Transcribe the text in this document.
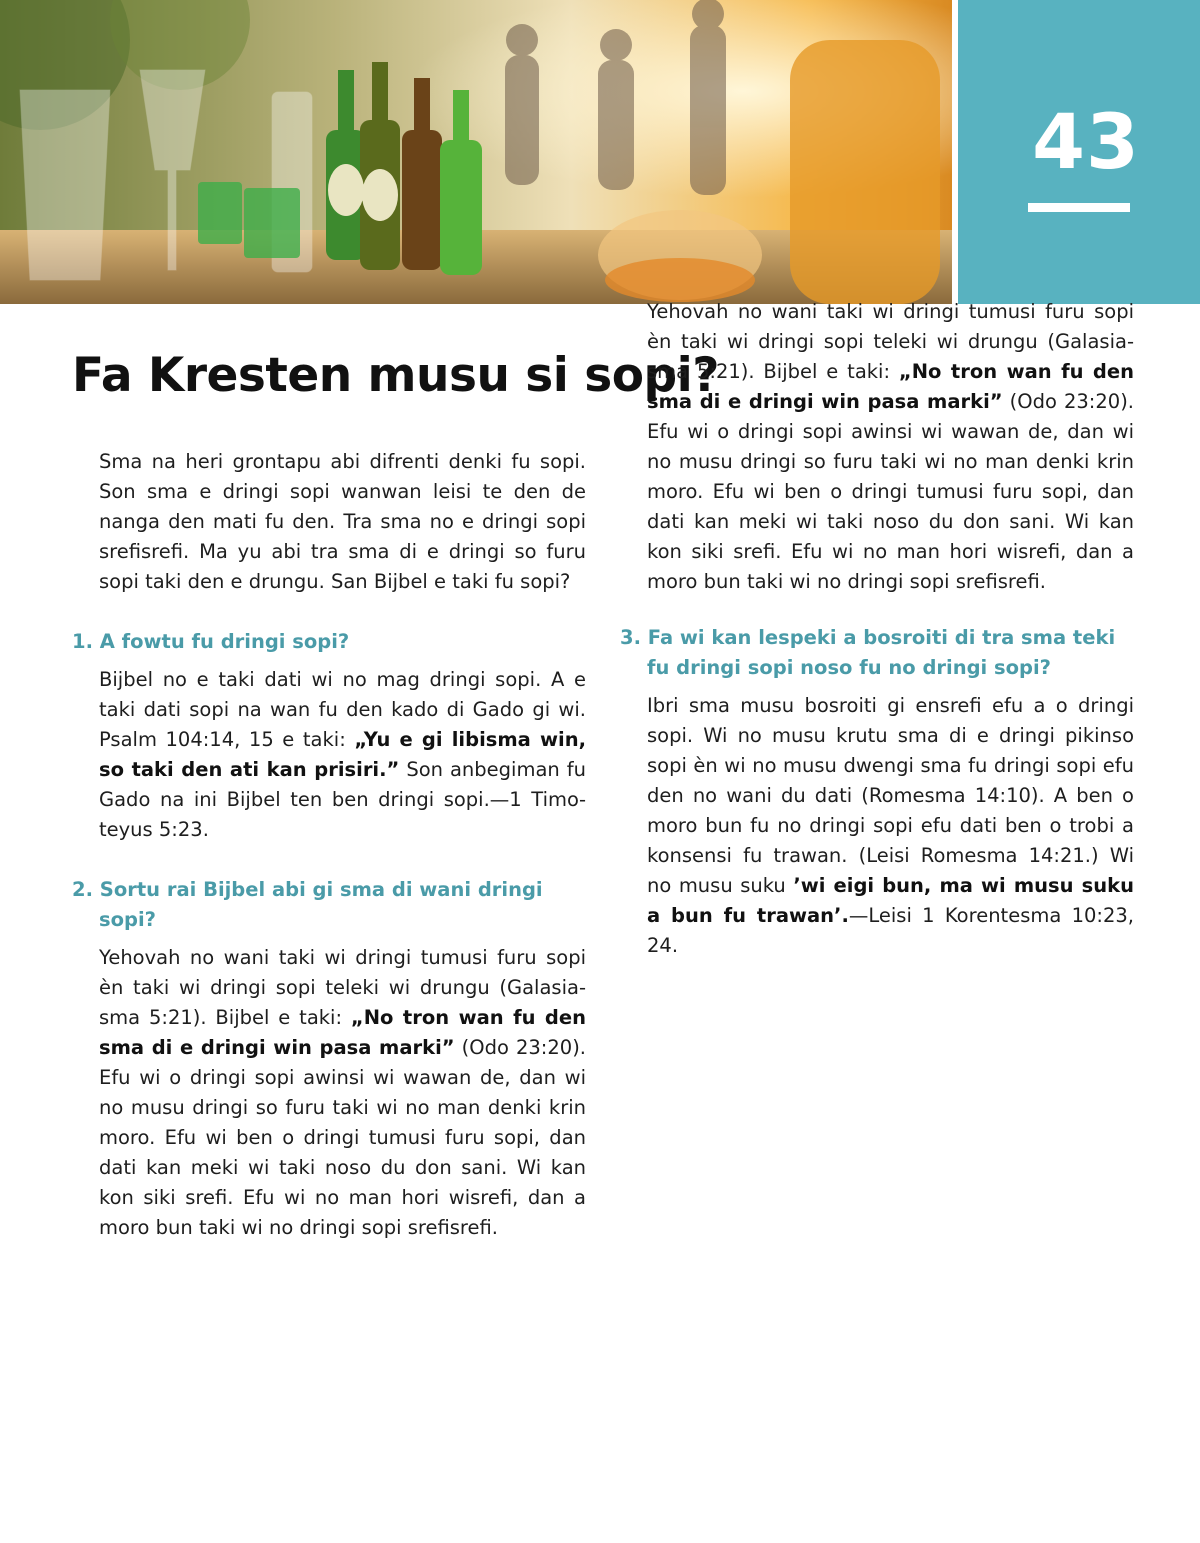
43
Fa Kresten musu si sopi?

Sma na heri grontapu abi difrenti denki fu sopi. Son sma e dringi sopi wanwan leisi te den de nanga den mati fu den. Tra sma no e dringi sopi srefisrefi. Ma yu abi tra sma di e dringi so furu sopi taki den e drungu. San Bijbel e taki fu sopi?

1. A fowtu fu dringi sopi?

Bijbel no e taki dati wi no mag dringi sopi. A e taki dati sopi na wan fu den kado di Gado gi wi. Psalm 104:14, 15 e taki: „Yu e gi libisma win, so taki den ati kan prisiri.” Son anbegiman fu Gado na ini Bijbel ten ben dringi sopi.—1 Timoteyus 5:23.

2. Sortu rai Bijbel abi gi sma di wani dringi sopi?

Yehovah no wani taki wi dringi tumusi furu sopi èn taki wi dringi sopi teleki wi drungu (Galasiasma 5:21). Bijbel e taki: „No tron wan fu den sma di e dringi win pasa marki” (Odo 23:20). Efu wi o dringi sopi awinsi wi wawan de, dan wi no musu dringi so furu taki wi no man denki krin moro. Efu wi ben o dringi tumusi furu sopi, dan dati kan meki wi taki noso du don sani. Wi kan kon siki srefi. Efu wi no man hori wisrefi, dan a moro bun taki wi no dringi sopi srefisrefi.

Yehovah no wani taki wi dringi tumusi furu sopi èn taki wi dringi sopi teleki wi drungu (Galasiasma 5:21). Bijbel e taki: „No tron wan fu den sma di e dringi win pasa marki” (Odo 23:20). Efu wi o dringi sopi awinsi wi wawan de, dan wi no musu dringi so furu taki wi no man denki krin moro. Efu wi ben o dringi tumusi furu sopi, dan dati kan meki wi taki noso du don sani. Wi kan kon siki srefi. Efu wi no man hori wisrefi, dan a moro bun taki wi no dringi sopi srefisrefi.

3. Fa wi kan lespeki a bosroiti di tra sma teki fu dringi sopi noso fu no dringi sopi?

Ibri sma musu bosroiti gi ensrefi efu a o dringi sopi. Wi no musu krutu sma di e dringi pikinso sopi èn wi no musu dwengi sma fu dringi sopi efu den no wani du dati (Romesma 14:10). A ben o moro bun fu no dringi sopi efu dati ben o trobi a konsensi fu trawan. (Leisi Romesma 14:21.) Wi no musu suku ’wi eigi bun, ma wi musu suku a bun fu trawan’.—Leisi 1 Korentesma 10:23, 24.
